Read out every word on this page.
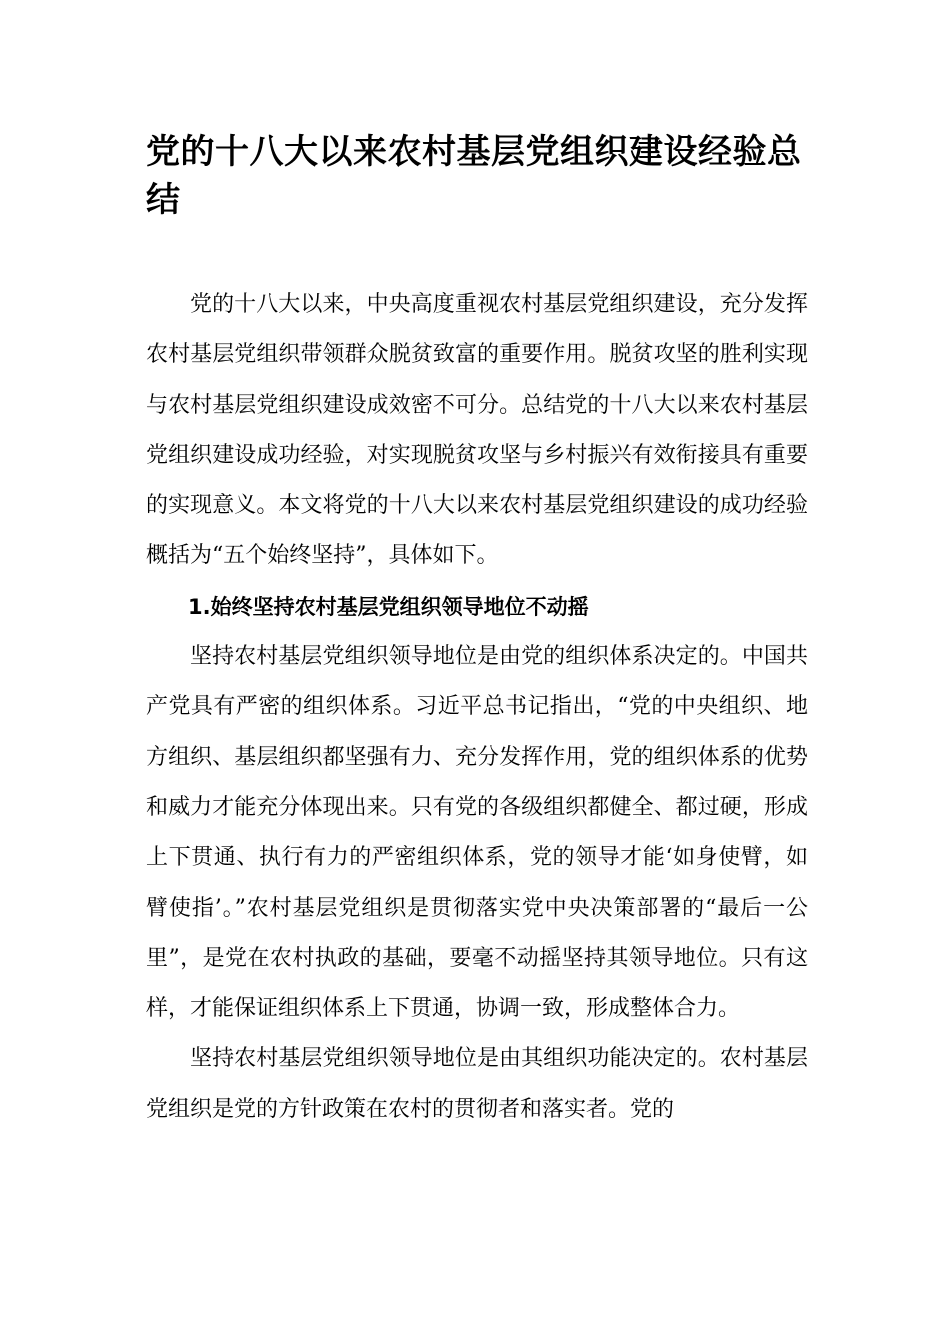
党的十八大以来农村基层党组织建设经验总结

党的十八大以来，中央高度重视农村基层党组织建设，充分发挥农村基层党组织带领群众脱贫致富的重要作用。脱贫攻坚的胜利实现与农村基层党组织建设成效密不可分。总结党的十八大以来农村基层党组织建设成功经验，对实现脱贫攻坚与乡村振兴有效衔接具有重要的实现意义。本文将党的十八大以来农村基层党组织建设的成功经验概括为“五个始终坚持”，具体如下。

1.始终坚持农村基层党组织领导地位不动摇

坚持农村基层党组织领导地位是由党的组织体系决定的。中国共产党具有严密的组织体系。习近平总书记指出，“党的中央组织、地方组织、基层组织都坚强有力、充分发挥作用，党的组织体系的优势和威力才能充分体现出来。只有党的各级组织都健全、都过硬，形成上下贯通、执行有力的严密组织体系，党的领导才能‘如身使臂，如臂使指’。”农村基层党组织是贯彻落实党中央决策部署的“最后一公里”，是党在农村执政的基础，要毫不动摇坚持其领导地位。只有这样，才能保证组织体系上下贯通，协调一致，形成整体合力。

坚持农村基层党组织领导地位是由其组织功能决定的。农村基层党组织是党的方针政策在农村的贯彻者和落实者。党的
